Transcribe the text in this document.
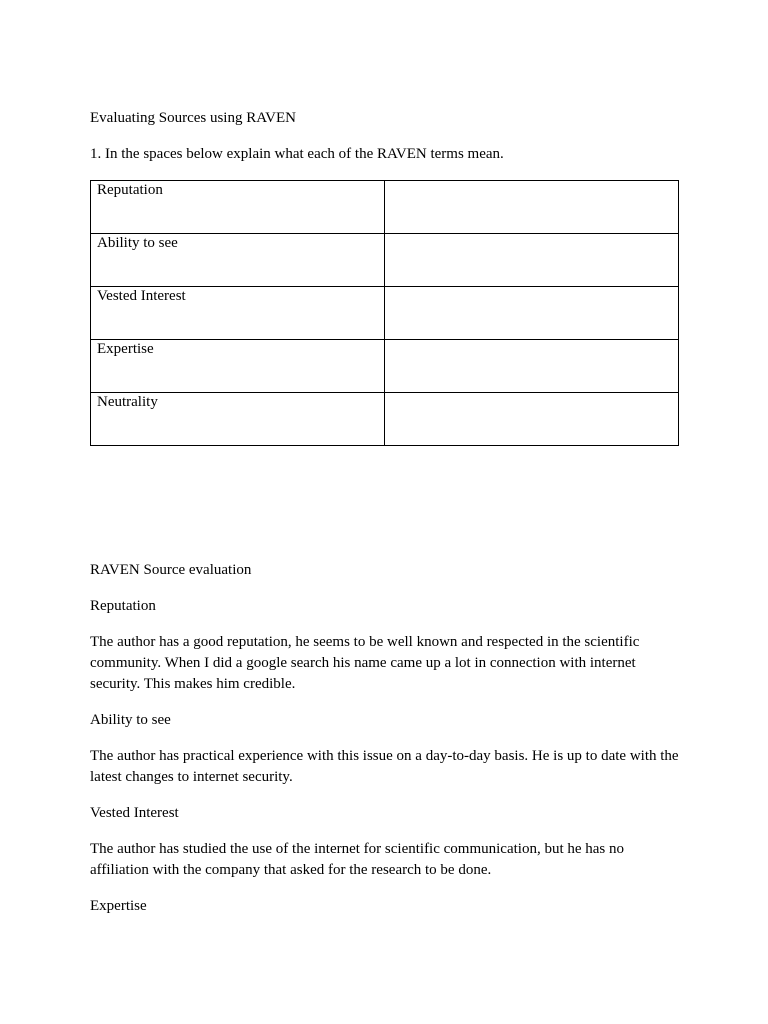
Evaluating Sources using RAVEN

1. In the spaces below explain what each of the RAVEN terms mean.

Reputation	
Ability to see	
Vested Interest	
Expertise	
Neutrality	

RAVEN Source evaluation

Reputation

The author has a good reputation, he seems to be well known and respected in the scientific community. When I did a google search his name came up a lot in connection with internet security. This makes him credible.

Ability to see

The author has practical experience with this issue on a day-to-day basis. He is up to date with the latest changes to internet security.

Vested Interest

The author has studied the use of the internet for scientific communication, but he has no affiliation with the company that asked for the research to be done.

Expertise
